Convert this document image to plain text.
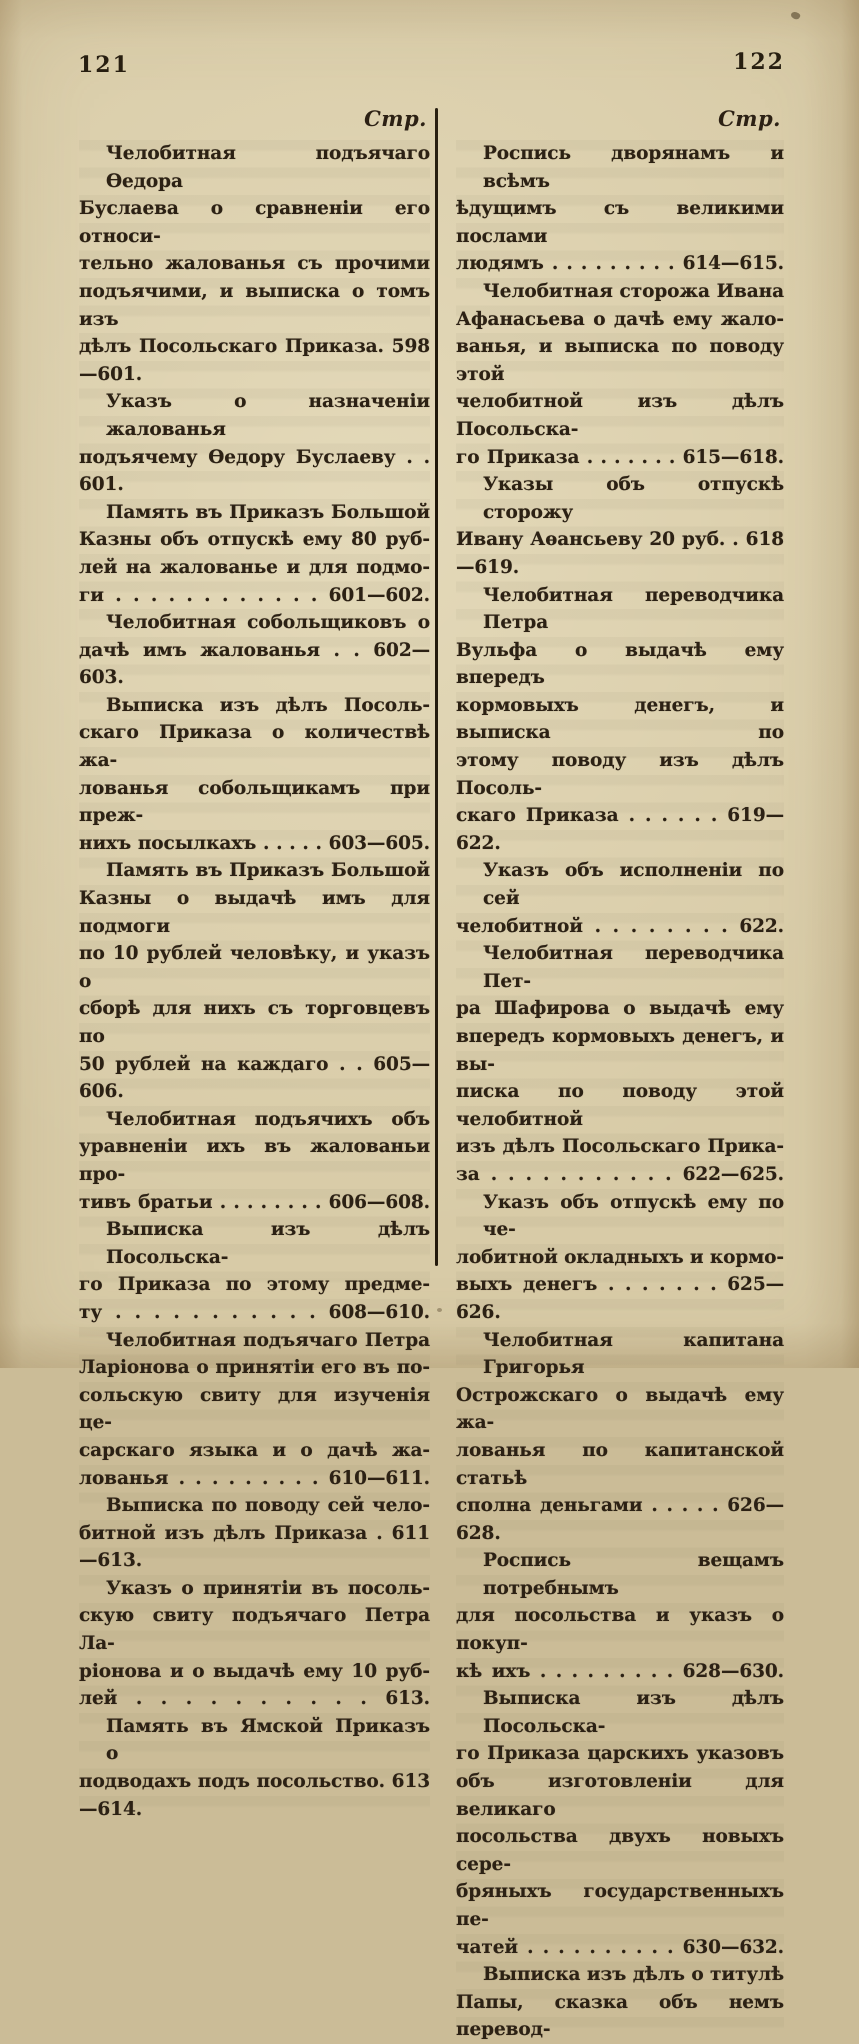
121	122
Стр.
Челобитная подъячаго Ѳедора
Буслаева о сравненіи его относи-
тельно жалованья съ прочими
подъячими, и выписка о томъ изъ
дѣлъ Посольскаго Приказа. 598—601.
Указъ о назначеніи жалованья
подъячему Ѳедору Буслаеву . . 601.
Память въ Приказъ Большой
Казны объ отпускѣ ему 80 руб-
лей на жалованье и для подмо-
ги . . . . . . . . . . . . 601—602.
Челобитная собольщиковъ о
дачѣ имъ жалованья . . 602—603.
Выписка изъ дѣлъ Посоль-
скаго Приказа о количествѣ жа-
лованья собольщикамъ при преж-
нихъ посылкахъ . . . . . 603—605.
Память въ Приказъ Большой
Казны о выдачѣ имъ для подмоги
по 10 рублей человѣку, и указъ о
сборѣ для нихъ съ торговцевъ по
50 рублей на каждаго . . 605—606.
Челобитная подъячихъ объ
уравненіи ихъ въ жалованьи про-
тивъ братьи . . . . . . . . 606—608.
Выписка изъ дѣлъ Посольска-
го Приказа по этому предме-
ту . . . . . . . . . . . 608—610.
Челобитная подъячаго Петра
Ларіонова о принятіи его въ по-
сольскую свиту для изученія це-
сарскаго языка и о дачѣ жа-
лованья . . . . . . . . . 610—611.
Выписка по поводу сей чело-
битной изъ дѣлъ Приказа . 611—613.
Указъ о принятіи въ посоль-
скую свиту подъячаго Петра Ла-
ріонова и о выдачѣ ему 10 руб-
лей . . . . . . . . . . 613.
Память въ Ямской Приказъ о
подводахъ подъ посольство. 613—614.
Стр.
Роспись дворянамъ и всѣмъ
ѣдущимъ съ великими послами
людямъ . . . . . . . . . 614—615.
Челобитная сторожа Ивана
Афанасьева о дачѣ ему жало-
ванья, и выписка по поводу этой
челобитной изъ дѣлъ Посольска-
го Приказа . . . . . . . 615—618.
Указы объ отпускѣ сторожу
Ивану Аѳансьеву 20 руб. . 618—619.
Челобитная переводчика Петра
Вульфа о выдачѣ ему впередъ
кормовыхъ денегъ, и выписка по
этому поводу изъ дѣлъ Посоль-
скаго Приказа . . . . . . 619—622.
Указъ объ исполненіи по сей
челобитной . . . . . . . . 622.
Челобитная переводчика Пет-
ра Шафирова о выдачѣ ему
впередъ кормовыхъ денегъ, и вы-
писка по поводу этой челобитной
изъ дѣлъ Посольскаго Прика-
за . . . . . . . . . . . 622—625.
Указъ объ отпускѣ ему по че-
лобитной окладныхъ и кормо-
выхъ денегъ . . . . . . . 625—626.
Челобитная капитана Григорья
Острожскаго о выдачѣ ему жа-
лованья по капитанской статьѣ
сполна деньгами . . . . . 626—628.
Роспись вещамъ потребнымъ
для посольства и указъ о покуп-
кѣ ихъ . . . . . . . . . 628—630.
Выписка изъ дѣлъ Посольска-
го Приказа царскихъ указовъ
объ изготовленіи для великаго
посольства двухъ новыхъ сере-
бряныхъ государственныхъ пе-
чатей . . . . . . . . . . 630—632.
Выписка изъ дѣлъ о титулѣ
Папы, сказка объ немъ перевод-
